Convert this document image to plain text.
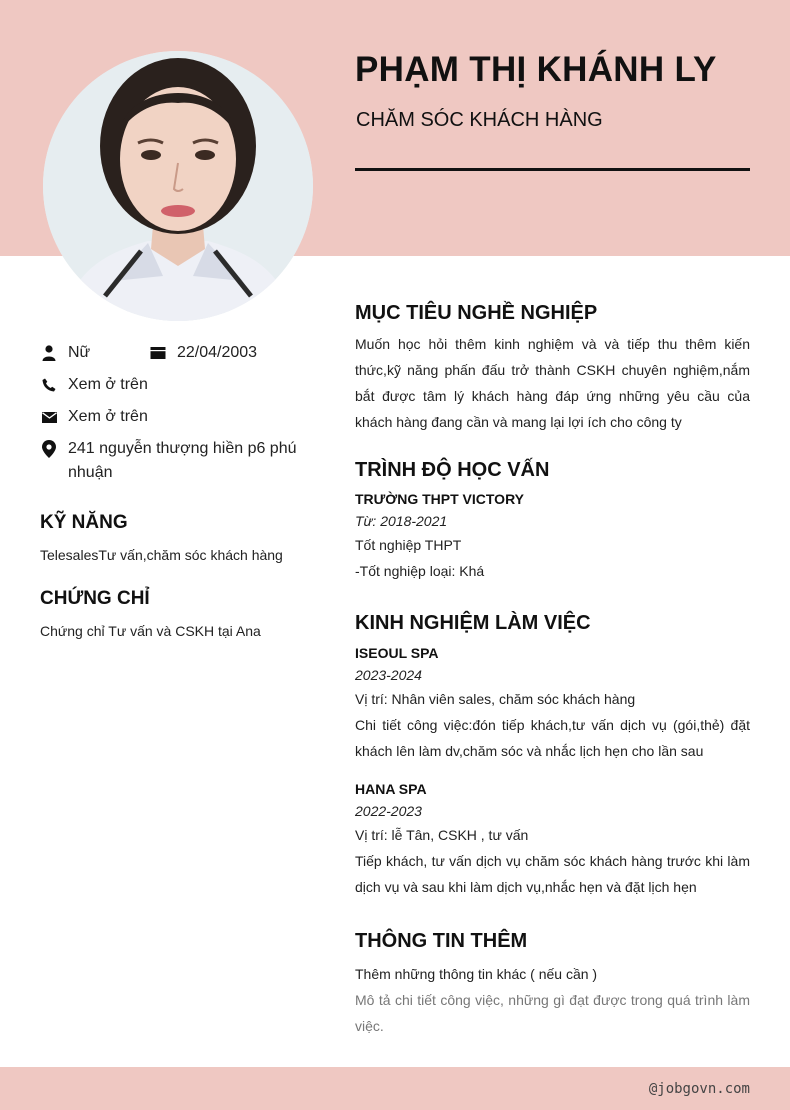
PHẠM THỊ KHÁNH LY
CHĂM SÓC KHÁCH HÀNG
Nữ	22/04/2003
Xem ở trên
Xem ở trên
241 nguyễn thượng hiền p6 phú nhuận
KỸ NĂNG
TelesalesTư vấn,chăm sóc khách hàng
CHỨNG CHỈ
Chứng chỉ Tư vấn và CSKH tại Ana
MỤC TIÊU NGHỀ NGHIỆP
Muốn học hỏi thêm kinh nghiệm và và tiếp thu thêm kiến thức,kỹ năng phấn đấu trở thành CSKH chuyên nghiệm,nắm bắt được tâm lý khách hàng đáp ứng những yêu cầu của khách hàng đang cần và mang lại lợi ích cho công ty
TRÌNH ĐỘ HỌC VẤN
TRƯỜNG THPT VICTORY
Từ: 2018-2021
Tốt nghiệp THPT
-Tốt nghiệp loại: Khá
KINH NGHIỆM LÀM VIỆC
ISEOUL SPA
2023-2024
Vị trí: Nhân viên sales, chăm sóc khách hàng
Chi tiết công việc:đón tiếp khách,tư vấn dịch vụ (gói,thẻ) đặt khách lên làm dv,chăm sóc và nhắc lịch hẹn cho lần sau
HANA SPA
2022-2023
Vị trí: lễ Tân, CSKH , tư vấn
Tiếp khách, tư vấn dịch vụ chăm sóc khách hàng trước khi làm dịch vụ và sau khi làm dịch vụ,nhắc hẹn và đặt lịch hẹn
THÔNG TIN THÊM
Thêm những thông tin khác ( nếu cần )
Mô tả chi tiết công việc, những gì đạt được trong quá trình làm việc.
@jobgovn.com
